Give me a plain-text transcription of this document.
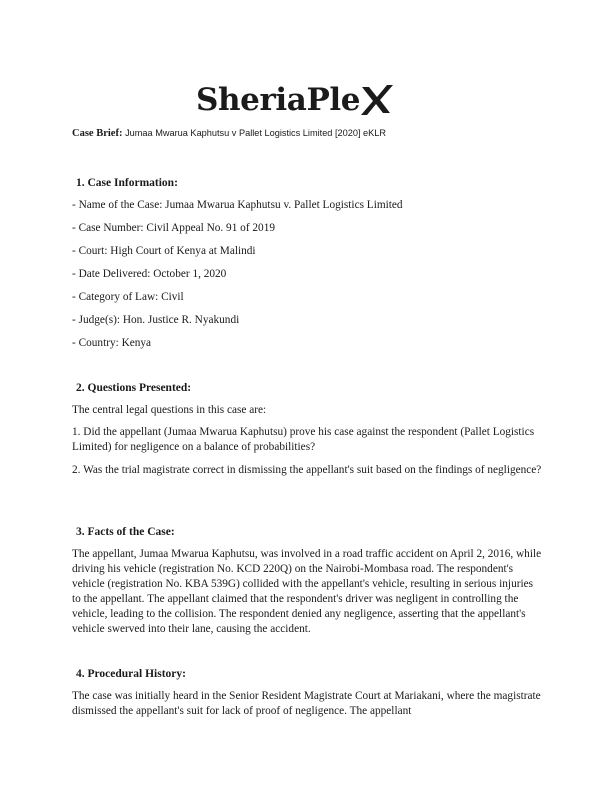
SheriaPle
Case Brief: Jumaa Mwarua Kaphutsu v Pallet Logistics Limited [2020] eKLR
1. Case Information:
- Name of the Case: Jumaa Mwarua Kaphutsu v. Pallet Logistics Limited
- Case Number: Civil Appeal No. 91 of 2019
- Court: High Court of Kenya at Malindi
- Date Delivered: October 1, 2020
- Category of Law: Civil
- Judge(s): Hon. Justice R. Nyakundi
- Country: Kenya
2. Questions Presented:
The central legal questions in this case are:
1. Did the appellant (Jumaa Mwarua Kaphutsu) prove his case against the respondent (Pallet Logistics Limited) for negligence on a balance of probabilities?
2. Was the trial magistrate correct in dismissing the appellant's suit based on the findings of negligence?
3. Facts of the Case:
The appellant, Jumaa Mwarua Kaphutsu, was involved in a road traffic accident on April 2, 2016, while driving his vehicle (registration No. KCD 220Q) on the Nairobi-Mombasa road. The respondent's vehicle (registration No. KBA 539G) collided with the appellant's vehicle, resulting in serious injuries to the appellant. The appellant claimed that the respondent's driver was negligent in controlling the vehicle, leading to the collision. The respondent denied any negligence, asserting that the appellant's vehicle swerved into their lane, causing the accident.
4. Procedural History:
The case was initially heard in the Senior Resident Magistrate Court at Mariakani, where the magistrate dismissed the appellant's suit for lack of proof of negligence. The appellant
